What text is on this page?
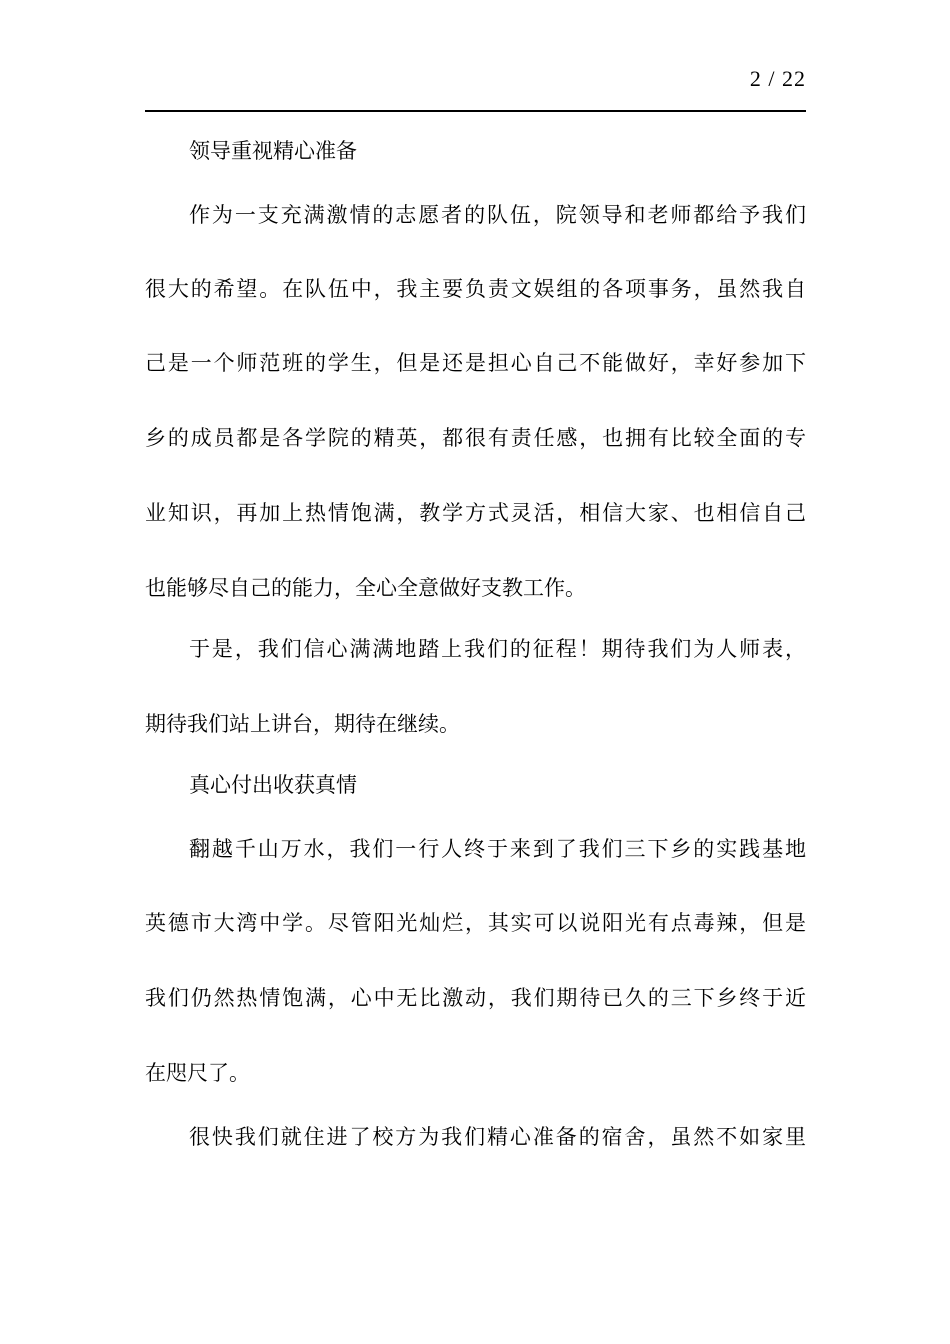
2 / 22
领导重视精心准备
作为一支充满激情的志愿者的队伍，院领导和老师都给予我们
很大的希望。在队伍中，我主要负责文娱组的各项事务，虽然我自
己是一个师范班的学生，但是还是担心自己不能做好，幸好参加下
乡的成员都是各学院的精英，都很有责任感，也拥有比较全面的专
业知识，再加上热情饱满，教学方式灵活，相信大家、也相信自己
也能够尽自己的能力，全心全意做好支教工作。
于是，我们信心满满地踏上我们的征程！期待我们为人师表，
期待我们站上讲台，期待在继续。
真心付出收获真情
翻越千山万水，我们一行人终于来到了我们三下乡的实践基地
英德市大湾中学。尽管阳光灿烂，其实可以说阳光有点毒辣，但是
我们仍然热情饱满，心中无比激动，我们期待已久的三下乡终于近
在咫尺了。
很快我们就住进了校方为我们精心准备的宿舍，虽然不如家里
